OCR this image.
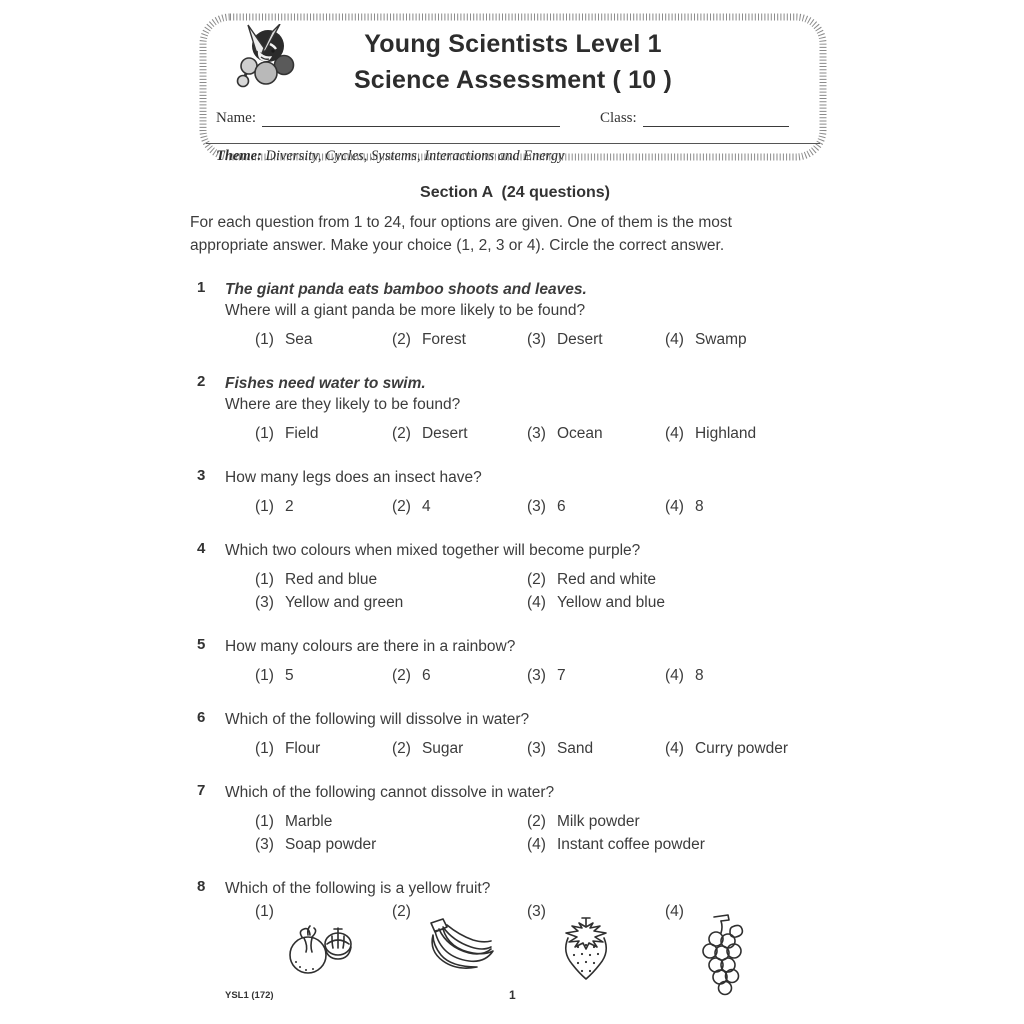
Young Scientists Level 1
Science Assessment ( 10 )
Name:	Class:
Theme: Diversity, Cycles, Systems, Interactions and Energy
Section A  (24 questions)
For each question from 1 to 24, four options are given. One of them is the most
appropriate answer. Make your choice (1, 2, 3 or 4). Circle the correct answer.
1	The giant panda eats bamboo shoots and leaves.
Where will a giant panda be more likely to be found?
(1) Sea	(2) Forest	(3) Desert	(4) Swamp
2	Fishes need water to swim.
Where are they likely to be found?
(1) Field	(2) Desert	(3) Ocean	(4) Highland
3	How many legs does an insect have?
(1) 2	(2) 4	(3) 6	(4) 8
4	Which two colours when mixed together will become purple?
(1) Red and blue	(2) Red and white
(3) Yellow and green	(4) Yellow and blue
5	How many colours are there in a rainbow?
(1) 5	(2) 6	(3) 7	(4) 8
6	Which of the following will dissolve in water?
(1) Flour	(2) Sugar	(3) Sand	(4) Curry powder
7	Which of the following cannot dissolve in water?
(1) Marble	(2) Milk powder
(3) Soap powder	(4) Instant coffee powder
8	Which of the following is a yellow fruit?
(1)	(2)	(3)	(4)
YSL1 (172)	1
